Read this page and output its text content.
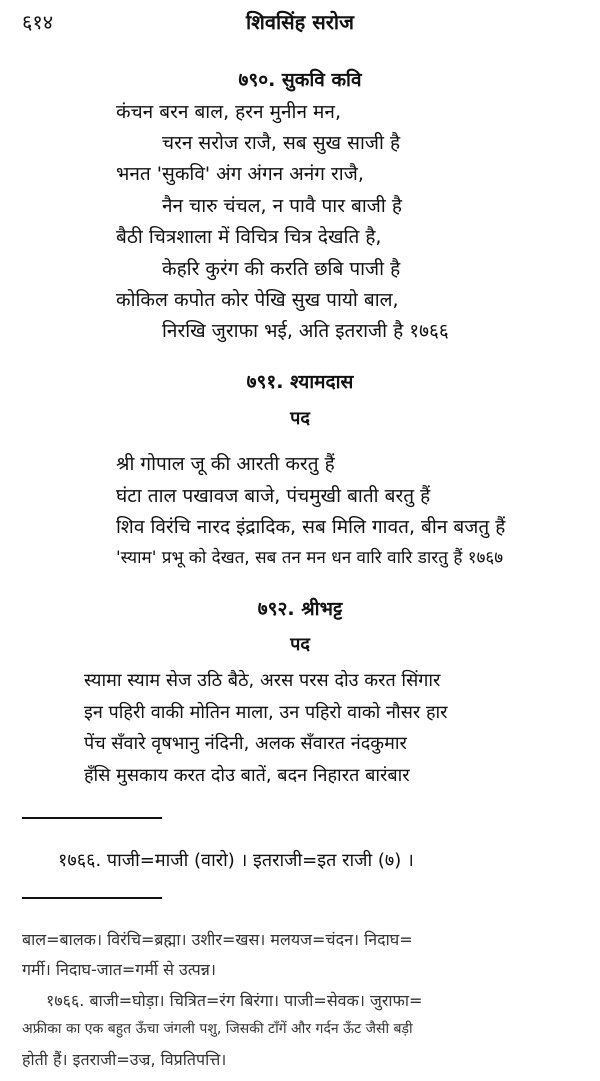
६१४	शिवसिंह सरोज
७९०. सुकवि कवि
कंचन बरन बाल, हरन मुनीन मन,
चरन सरोज राजै, सब सुख साजी है
भनत 'सुकवि' अंग अंगन अनंग राजै,
नैन चारु चंचल, न पावै पार बाजी है
बैठी चित्रशाला में विचित्र चित्र देखति है,
केहरि कुरंग की करति छबि पाजी है
कोकिल कपोत कोर पेखि सुख पायो बाल,
निरखि जुराफा भई, अति इतराजी है १७६६
७९१. श्यामदास
पद
श्री गोपाल जू की आरती करतु हैं
घंटा ताल पखावज बाजे, पंचमुखी बाती बरतु हैं
शिव विरंचि नारद इंद्रादिक, सब मिलि गावत, बीन बजतु हैं
'स्याम' प्रभू को देखत, सब तन मन धन वारि वारि डारतु हैं १७६७
७९२. श्रीभट्ट
पद
स्यामा स्याम सेज उठि बैठे, अरस परस दोउ करत सिंगार
इन पहिरी वाकी मोतिन माला, उन पहिरो वाको नौसर हार
पेंच सँवारे वृषभानु नंदिनी, अलक सँवारत नंदकुमार
हँसि मुसकाय करत दोउ बातें, बदन निहारत बारंबार
१७६६. पाजी=माजी (वारो) । इतराजी=इत राजी (७) ।
बाल=बालक। विरंचि=ब्रह्मा। उशीर=खस। मलयज=चंदन। निदाघ=
गर्मी। निदाघ-जात=गर्मी से उत्पन्न।
१७६६. बाजी=घोड़ा। चित्रित=रंग बिरंगा। पाजी=सेवक। जुराफा=
अफ्रीका का एक बहुत ऊँचा जंगली पशु, जिसकी टाँगें और गर्दन ऊँट जैसी बड़ी
होती हैं। इतराजी=उज्र, विप्रतिपत्ति।
